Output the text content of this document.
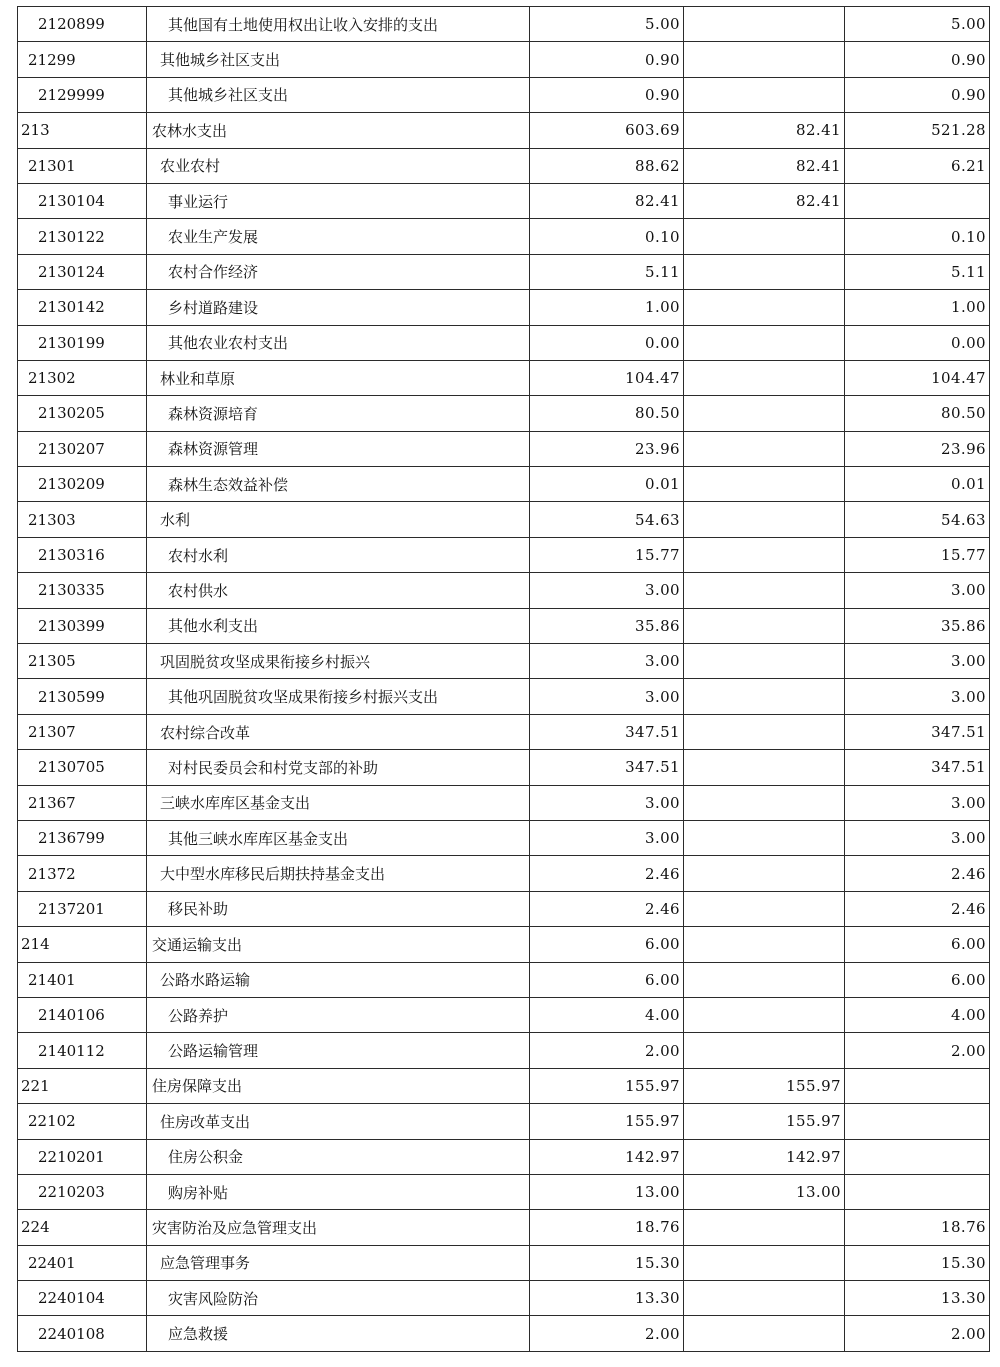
2120899	其他国有土地使用权出让收入安排的支出	5.00		5.00
21299	其他城乡社区支出	0.90		0.90
2129999	其他城乡社区支出	0.90		0.90
213	农林水支出	603.69	82.41	521.28
21301	农业农村	88.62	82.41	6.21
2130104	事业运行	82.41	82.41	
2130122	农业生产发展	0.10		0.10
2130124	农村合作经济	5.11		5.11
2130142	乡村道路建设	1.00		1.00
2130199	其他农业农村支出	0.00		0.00
21302	林业和草原	104.47		104.47
2130205	森林资源培育	80.50		80.50
2130207	森林资源管理	23.96		23.96
2130209	森林生态效益补偿	0.01		0.01
21303	水利	54.63		54.63
2130316	农村水利	15.77		15.77
2130335	农村供水	3.00		3.00
2130399	其他水利支出	35.86		35.86
21305	巩固脱贫攻坚成果衔接乡村振兴	3.00		3.00
2130599	其他巩固脱贫攻坚成果衔接乡村振兴支出	3.00		3.00
21307	农村综合改革	347.51		347.51
2130705	对村民委员会和村党支部的补助	347.51		347.51
21367	三峡水库库区基金支出	3.00		3.00
2136799	其他三峡水库库区基金支出	3.00		3.00
21372	大中型水库移民后期扶持基金支出	2.46		2.46
2137201	移民补助	2.46		2.46
214	交通运输支出	6.00		6.00
21401	公路水路运输	6.00		6.00
2140106	公路养护	4.00		4.00
2140112	公路运输管理	2.00		2.00
221	住房保障支出	155.97	155.97	
22102	住房改革支出	155.97	155.97	
2210201	住房公积金	142.97	142.97	
2210203	购房补贴	13.00	13.00	
224	灾害防治及应急管理支出	18.76		18.76
22401	应急管理事务	15.30		15.30
2240104	灾害风险防治	13.30		13.30
2240108	应急救援	2.00		2.00
